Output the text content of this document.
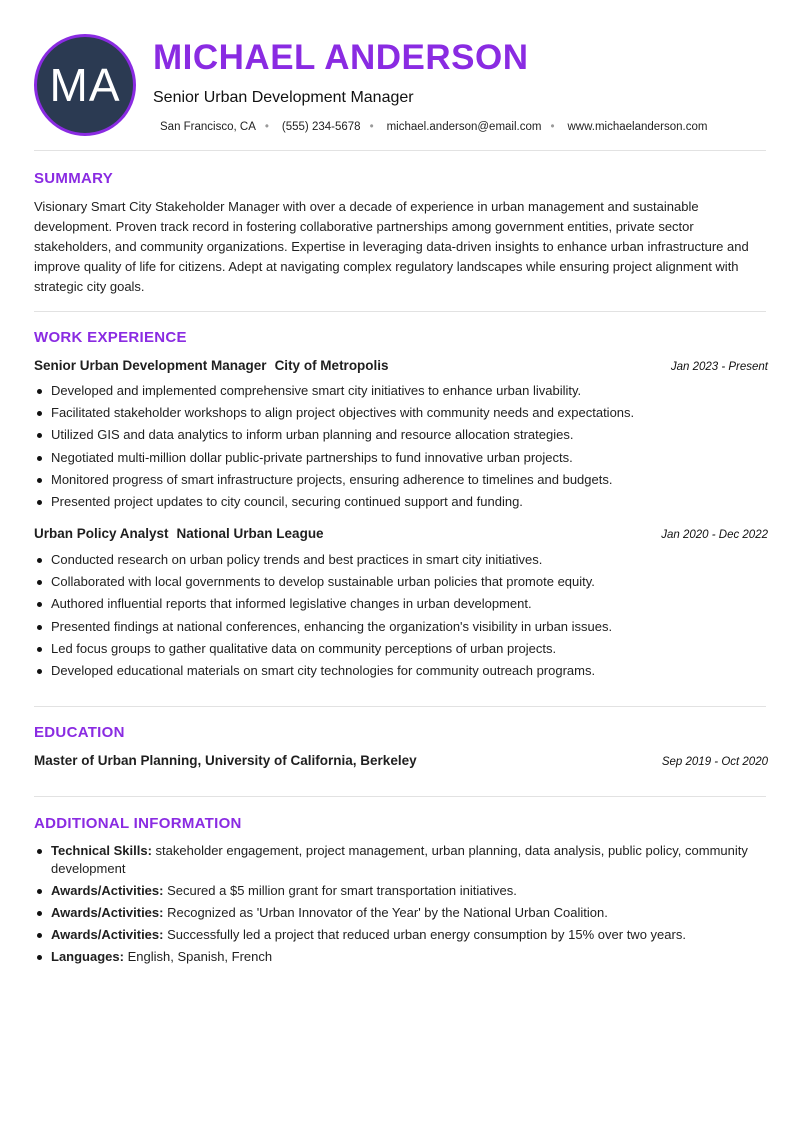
MA
MICHAEL ANDERSON
Senior Urban Development Manager
San Francisco, CA • (555) 234-5678 • michael.anderson@email.com • www.michaelanderson.com
SUMMARY
Visionary Smart City Stakeholder Manager with over a decade of experience in urban management and sustainable development. Proven track record in fostering collaborative partnerships among government entities, private sector stakeholders, and community organizations. Expertise in leveraging data-driven insights to enhance urban infrastructure and improve quality of life for citizens. Adept at navigating complex regulatory landscapes while ensuring project alignment with strategic city goals.
WORK EXPERIENCE
Senior Urban Development Manager City of Metropolis	Jan 2023 - Present
Developed and implemented comprehensive smart city initiatives to enhance urban livability.
Facilitated stakeholder workshops to align project objectives with community needs and expectations.
Utilized GIS and data analytics to inform urban planning and resource allocation strategies.
Negotiated multi-million dollar public-private partnerships to fund innovative urban projects.
Monitored progress of smart infrastructure projects, ensuring adherence to timelines and budgets.
Presented project updates to city council, securing continued support and funding.
Urban Policy Analyst National Urban League	Jan 2020 - Dec 2022
Conducted research on urban policy trends and best practices in smart city initiatives.
Collaborated with local governments to develop sustainable urban policies that promote equity.
Authored influential reports that informed legislative changes in urban development.
Presented findings at national conferences, enhancing the organization's visibility in urban issues.
Led focus groups to gather qualitative data on community perceptions of urban projects.
Developed educational materials on smart city technologies for community outreach programs.
EDUCATION
Master of Urban Planning, University of California, Berkeley	Sep 2019 - Oct 2020
ADDITIONAL INFORMATION
Technical Skills: stakeholder engagement, project management, urban planning, data analysis, public policy, community development
Awards/Activities: Secured a $5 million grant for smart transportation initiatives.
Awards/Activities: Recognized as 'Urban Innovator of the Year' by the National Urban Coalition.
Awards/Activities: Successfully led a project that reduced urban energy consumption by 15% over two years.
Languages: English, Spanish, French
